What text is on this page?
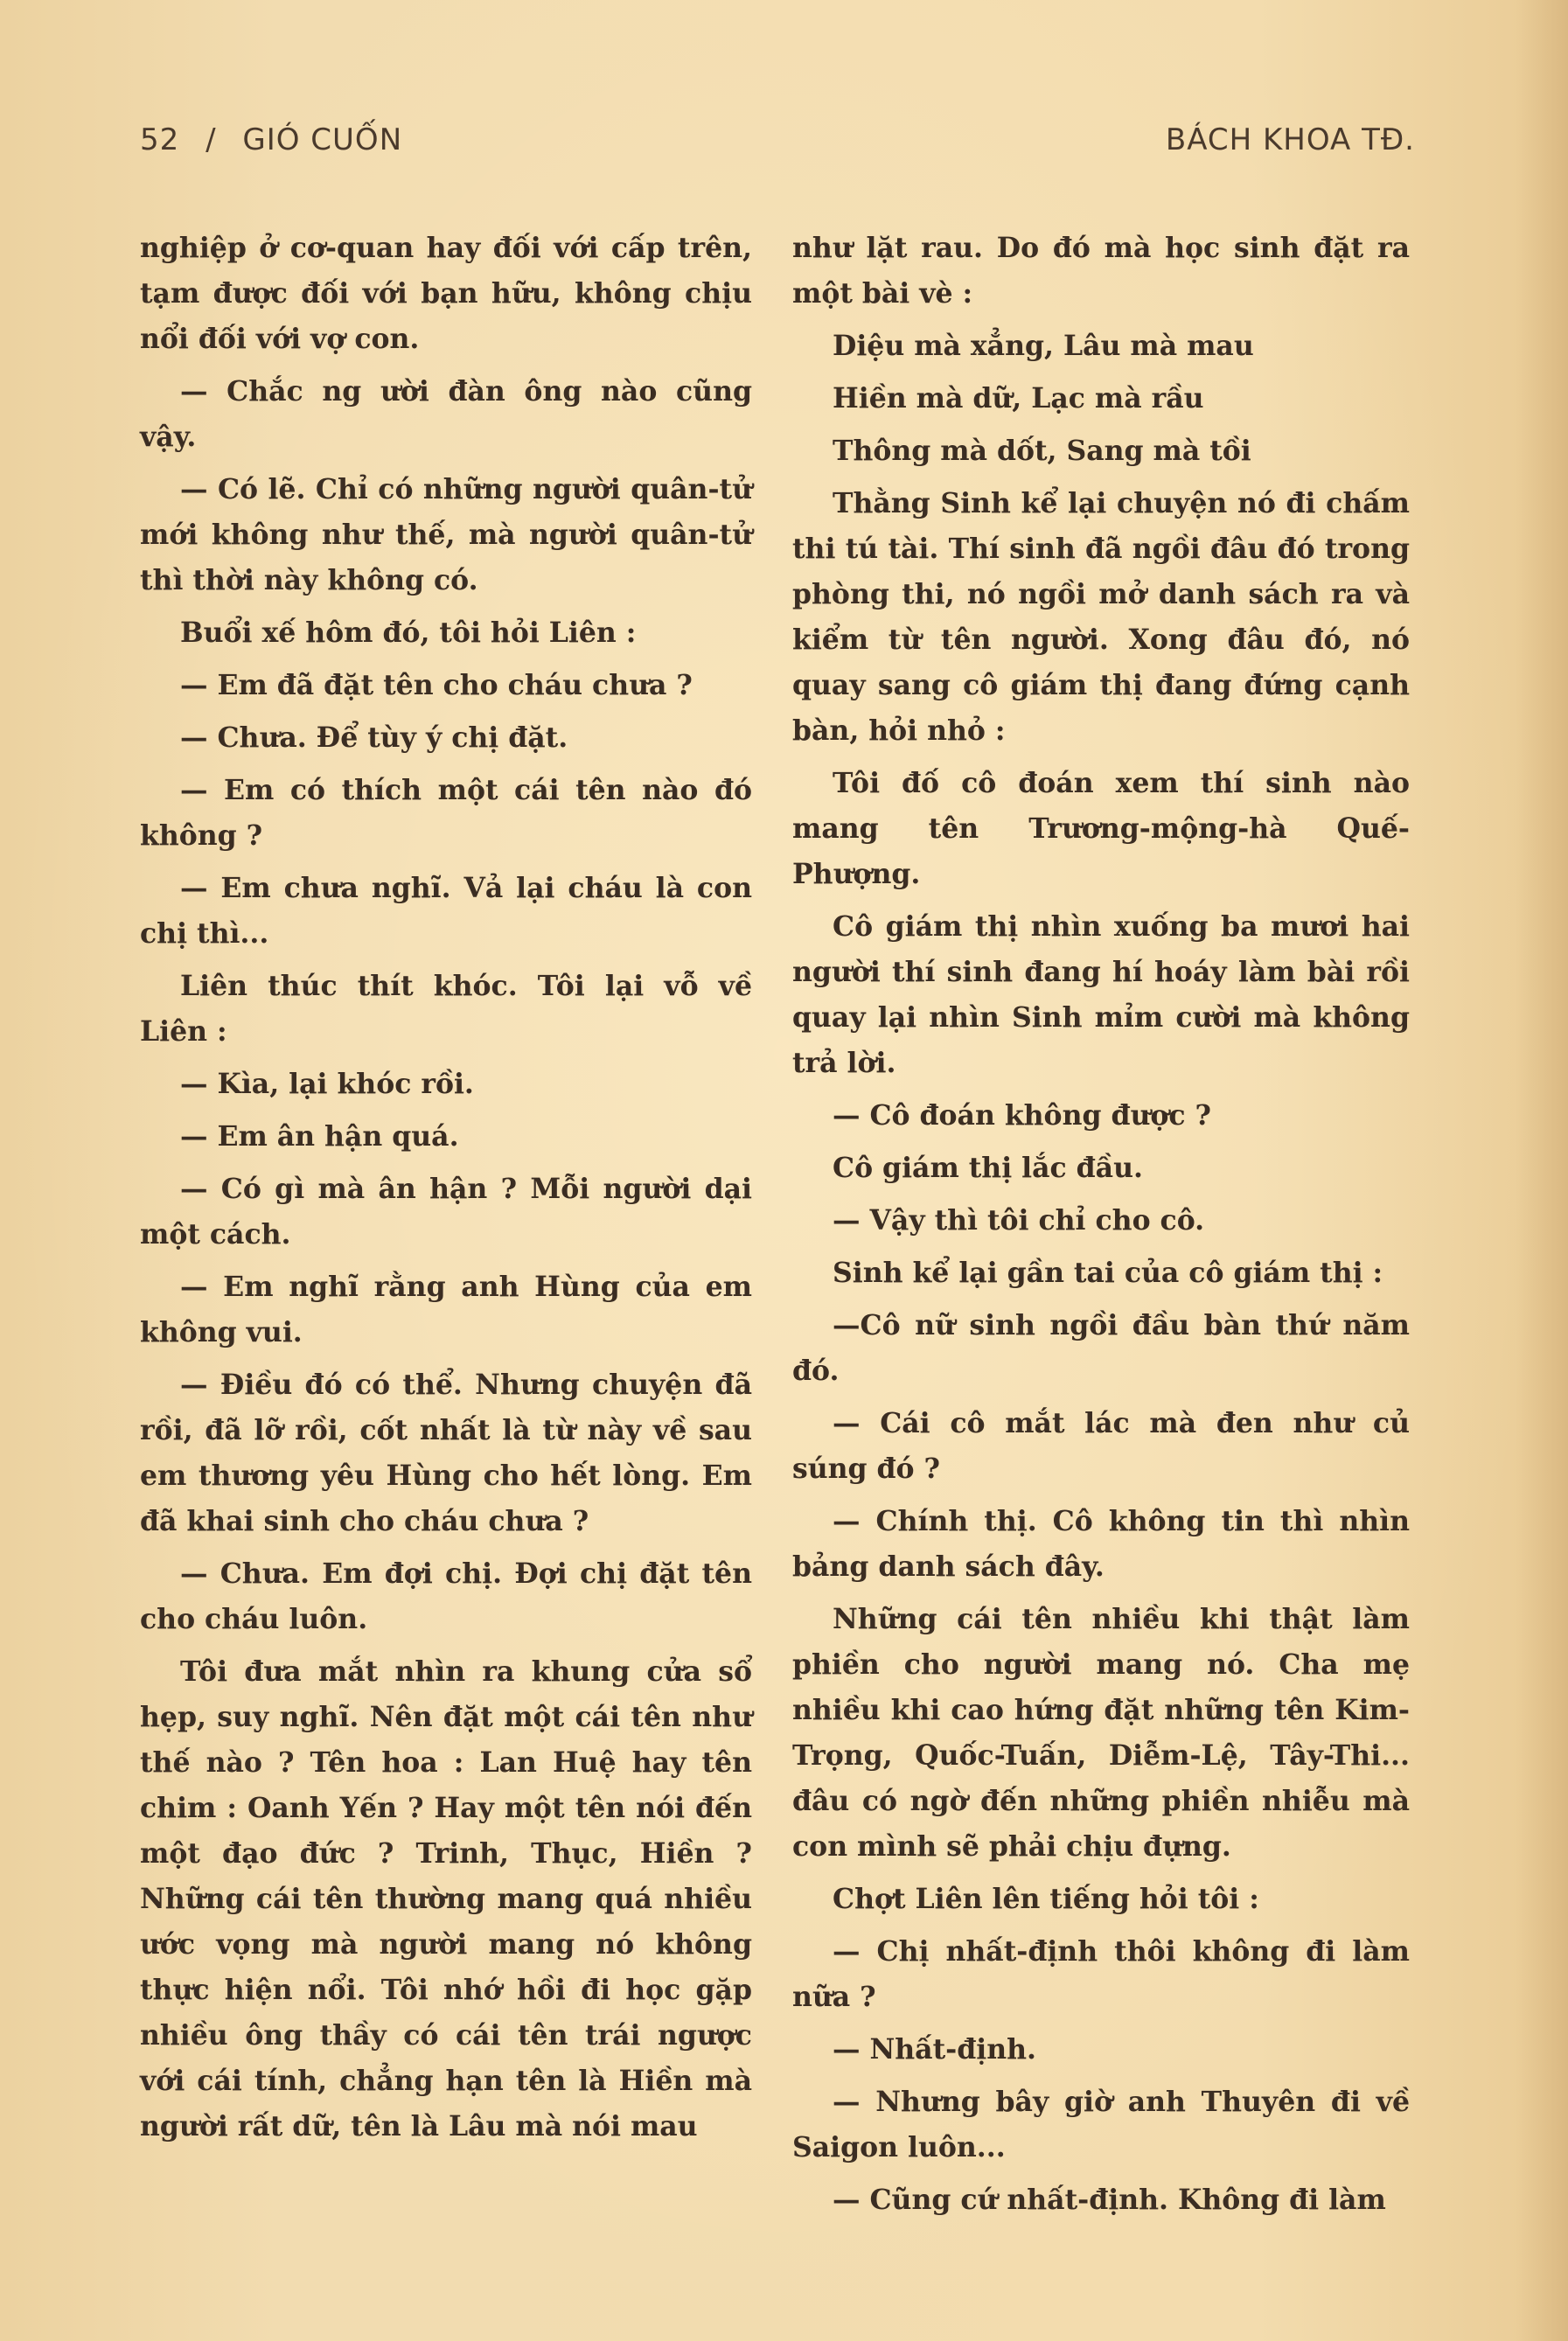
52 / GIÓ CUỐN	BÁCH KHOA TĐ.

nghiệp ở cơ-quan hay đối với cấp trên, tạm được đối với bạn hữu, không chịu nổi đối với vợ con.

— Chắc ng ười đàn ông nào cũng vậy.

— Có lẽ. Chỉ có những người quân-tử mới không như thế, mà người quân-tử thì thời này không có.

Buổi xế hôm đó, tôi hỏi Liên :

— Em đã đặt tên cho cháu chưa ?

— Chưa. Để tùy ý chị đặt.

— Em có thích một cái tên nào đó không ?

— Em chưa nghĩ. Vả lại cháu là con chị thì...

Liên thúc thít khóc. Tôi lại vỗ về Liên :

— Kìa, lại khóc rồi.

— Em ân hận quá.

— Có gì mà ân hận ? Mỗi người dại một cách.

— Em nghĩ rằng anh Hùng của em không vui.

— Điều đó có thể. Nhưng chuyện đã rồi, đã lỡ rồi, cốt nhất là từ này về sau em thương yêu Hùng cho hết lòng. Em đã khai sinh cho cháu chưa ?

— Chưa. Em đợi chị. Đợi chị đặt tên cho cháu luôn.

Tôi đưa mắt nhìn ra khung cửa sổ hẹp, suy nghĩ. Nên đặt một cái tên như thế nào ? Tên hoa : Lan Huệ hay tên chim : Oanh Yến ? Hay một tên nói đến một đạo đức ? Trinh, Thục, Hiền ? Những cái tên thường mang quá nhiều ước vọng mà người mang nó không thực hiện nổi. Tôi nhớ hồi đi học gặp nhiều ông thầy có cái tên trái ngược với cái tính, chẳng hạn tên là Hiền mà người rất dữ, tên là Lâu mà nói mau

như lặt rau. Do đó mà học sinh đặt ra một bài vè :

Diệu mà xẳng, Lâu mà mau

Hiền mà dữ, Lạc mà rầu

Thông mà dốt, Sang mà tồi

Thằng Sinh kể lại chuyện nó đi chấm thi tú tài. Thí sinh đã ngồi đâu đó trong phòng thi, nó ngồi mở danh sách ra và kiểm từ tên người. Xong đâu đó, nó quay sang cô giám thị đang đứng cạnh bàn, hỏi nhỏ :

Tôi đố cô đoán xem thí sinh nào mang tên Trương-mộng-hà Quế-Phượng.

Cô giám thị nhìn xuống ba mươi hai người thí sinh đang hí hoáy làm bài rồi quay lại nhìn Sinh mỉm cười mà không trả lời.

— Cô đoán không được ?

Cô giám thị lắc đầu.

— Vậy thì tôi chỉ cho cô.

Sinh kể lại gần tai của cô giám thị :

—Cô nữ sinh ngồi đầu bàn thứ năm đó.

— Cái cô mắt lác mà đen như củ súng đó ?

— Chính thị. Cô không tin thì nhìn bảng danh sách đây.

Những cái tên nhiều khi thật làm phiền cho người mang nó. Cha mẹ nhiều khi cao hứng đặt những tên Kim-Trọng, Quốc-Tuấn, Diễm-Lệ, Tây-Thi... đâu có ngờ đến những phiền nhiễu mà con mình sẽ phải chịu đựng.

Chợt Liên lên tiếng hỏi tôi :

— Chị nhất-định thôi không đi làm nữa ?

— Nhất-định.

— Nhưng bây giờ anh Thuyên đi về Saigon luôn...

— Cũng cứ nhất-định. Không đi làm
